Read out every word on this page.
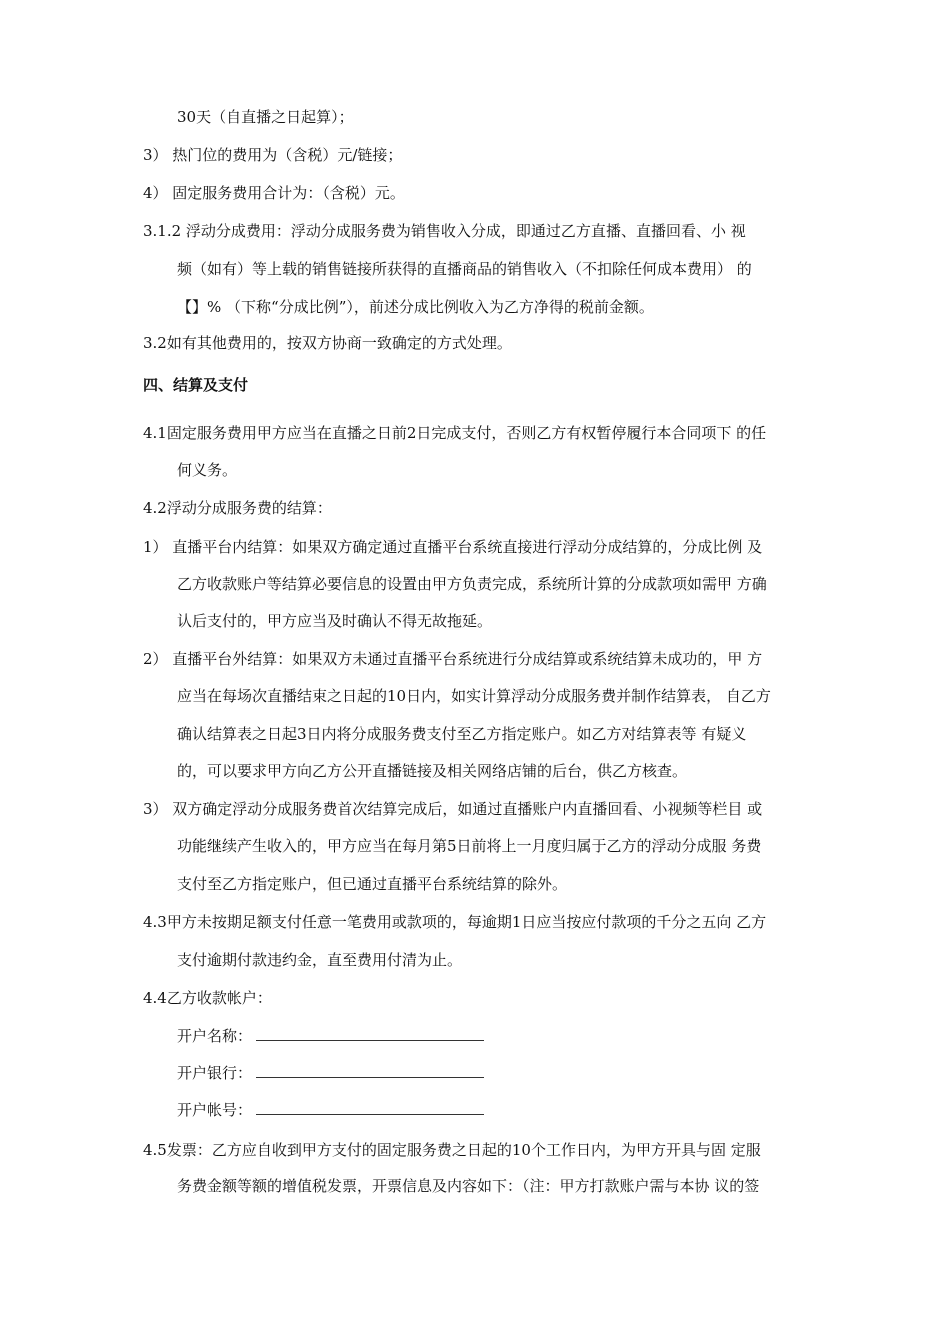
30天（自直播之日起算）；
3） 热门位的费用为（含税）元/链接；
4） 固定服务费用合计为：（含税）元。
3.1.2 浮动分成费用：浮动分成服务费为销售收入分成，即通过乙方直播、直播回看、小 视
频（如有）等上载的销售链接所获得的直播商品的销售收入（不扣除任何成本费用） 的
【】% （下称“分成比例”），前述分成比例收入为乙方净得的税前金额。
3.2如有其他费用的，按双方协商一致确定的方式处理。
四、结算及支付
4.1固定服务费用甲方应当在直播之日前2日完成支付，否则乙方有权暂停履行本合同项下 的任
何义务。
4.2浮动分成服务费的结算：
1） 直播平台内结算：如果双方确定通过直播平台系统直接进行浮动分成结算的，分成比例 及
乙方收款账户等结算必要信息的设置由甲方负责完成，系统所计算的分成款项如需甲 方确
认后支付的，甲方应当及时确认不得无故拖延。
2） 直播平台外结算：如果双方未通过直播平台系统进行分成结算或系统结算未成功的，甲 方
应当在每场次直播结束之日起的10日内，如实计算浮动分成服务费并制作结算表， 自乙方
确认结算表之日起3日内将分成服务费支付至乙方指定账户。如乙方对结算表等 有疑义
的，可以要求甲方向乙方公开直播链接及相关网络店铺的后台，供乙方核查。
3） 双方确定浮动分成服务费首次结算完成后，如通过直播账户内直播回看、小视频等栏目 或
功能继续产生收入的，甲方应当在每月第5日前将上一月度归属于乙方的浮动分成服 务费
支付至乙方指定账户，但已通过直播平台系统结算的除外。
4.3甲方未按期足额支付任意一笔费用或款项的，每逾期1日应当按应付款项的千分之五向 乙方
支付逾期付款违约金，直至费用付清为止。
4.4乙方收款帐户：
开户名称：
开户银行：
开户帐号：
4.5发票：乙方应自收到甲方支付的固定服务费之日起的10个工作日内，为甲方开具与固 定服
务费金额等额的增值税发票，开票信息及内容如下：（注：甲方打款账户需与本协 议的签
